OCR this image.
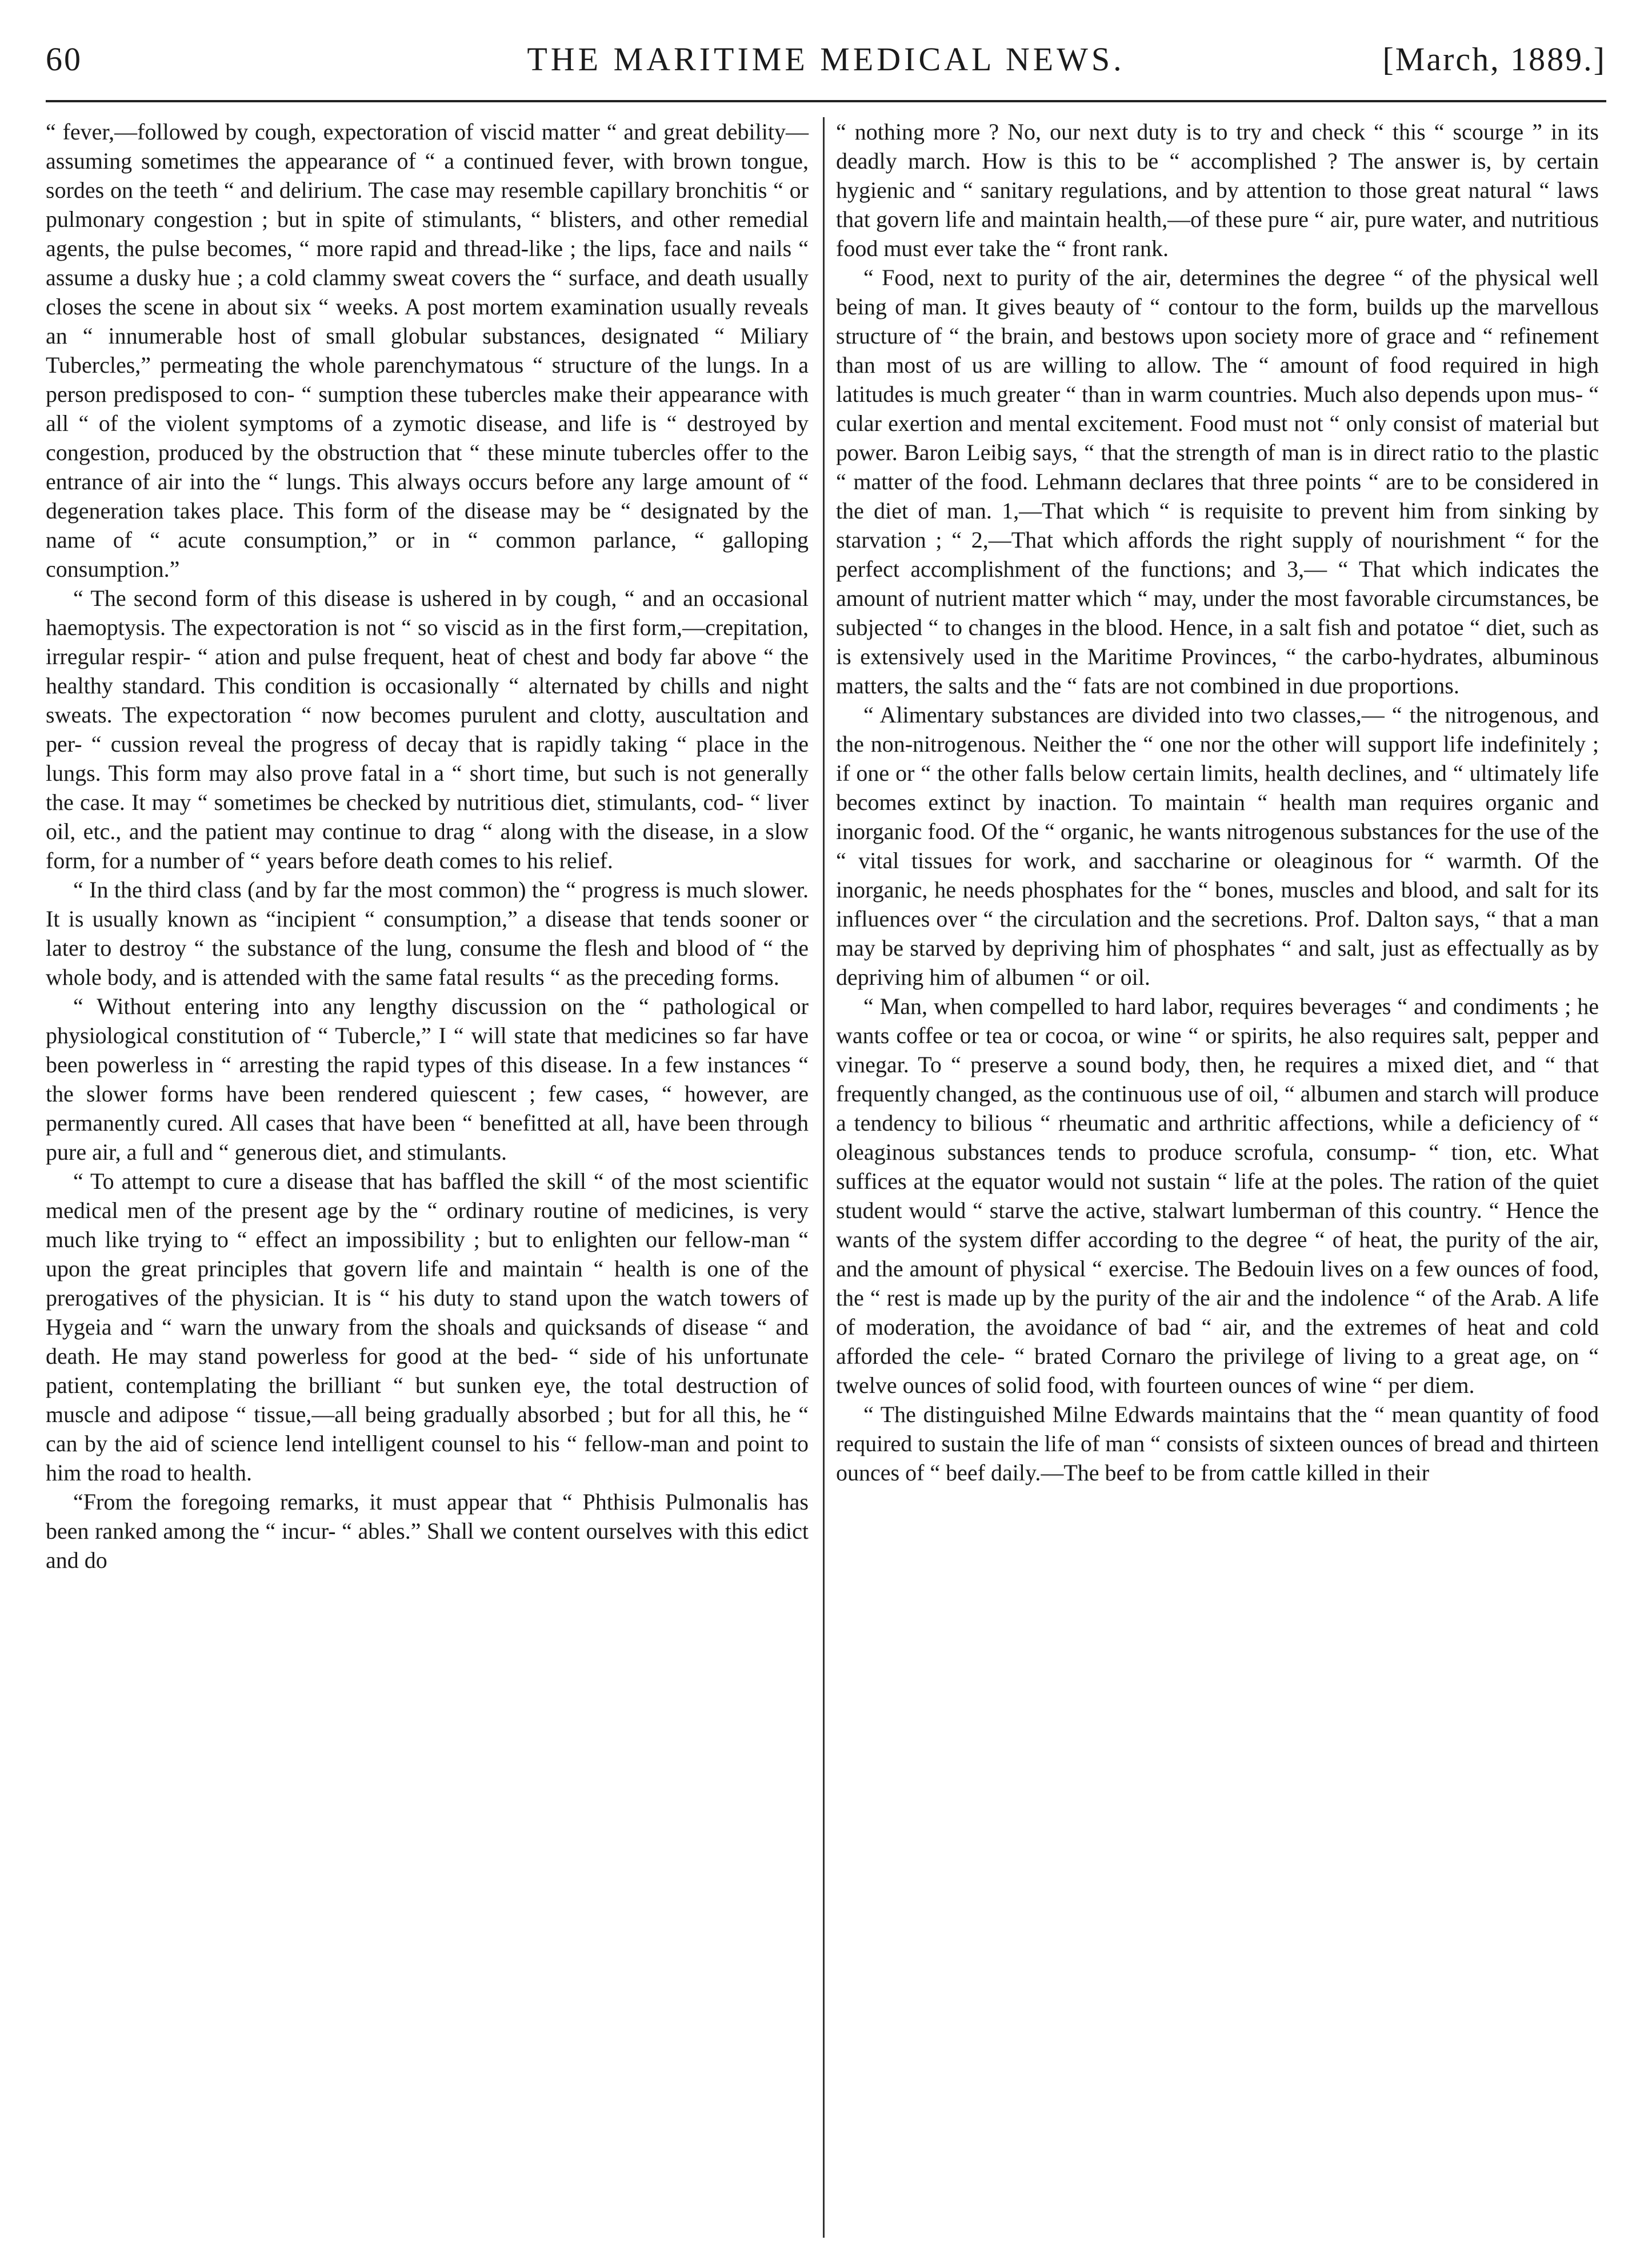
60	THE MARITIME MEDICAL NEWS.	[March, 1889.]

“ fever,—followed by cough, expectoration of viscid matter “ and great debility—assuming sometimes the appearance of “ a continued fever, with brown tongue, sordes on the teeth “ and delirium. The case may resemble capillary bronchitis “ or pulmonary congestion ; but in spite of stimulants, “ blisters, and other remedial agents, the pulse becomes, “ more rapid and thread-like ; the lips, face and nails “ assume a dusky hue ; a cold clammy sweat covers the “ surface, and death usually closes the scene in about six “ weeks. A post mortem examination usually reveals an “ innumerable host of small globular substances, designated “ Miliary Tubercles,” permeating the whole parenchymatous “ structure of the lungs. In a person predisposed to con- “ sumption these tubercles make their appearance with all “ of the violent symptoms of a zymotic disease, and life is “ destroyed by congestion, produced by the obstruction that “ these minute tubercles offer to the entrance of air into the “ lungs. This always occurs before any large amount of “ degeneration takes place. This form of the disease may be “ designated by the name of “ acute consumption,” or in “ common parlance, “ galloping consumption.”

“ The second form of this disease is ushered in by cough, “ and an occasional haemoptysis. The expectoration is not “ so viscid as in the first form,—crepitation, irregular respir- “ ation and pulse frequent, heat of chest and body far above “ the healthy standard. This condition is occasionally “ alternated by chills and night sweats. The expectoration “ now becomes purulent and clotty, auscultation and per- “ cussion reveal the progress of decay that is rapidly taking “ place in the lungs. This form may also prove fatal in a “ short time, but such is not generally the case. It may “ sometimes be checked by nutritious diet, stimulants, cod- “ liver oil, etc., and the patient may continue to drag “ along with the disease, in a slow form, for a number of “ years before death comes to his relief.

“ In the third class (and by far the most common) the “ progress is much slower. It is usually known as “incipient “ consumption,” a disease that tends sooner or later to destroy “ the substance of the lung, consume the flesh and blood of “ the whole body, and is attended with the same fatal results “ as the preceding forms.

“ Without entering into any lengthy discussion on the “ pathological or physiological constitution of “ Tubercle,” I “ will state that medicines so far have been powerless in “ arresting the rapid types of this disease. In a few instances “ the slower forms have been rendered quiescent ; few cases, “ however, are permanently cured. All cases that have been “ benefitted at all, have been through pure air, a full and “ generous diet, and stimulants.

“ To attempt to cure a disease that has baffled the skill “ of the most scientific medical men of the present age by the “ ordinary routine of medicines, is very much like trying to “ effect an impossibility ; but to enlighten our fellow-man “ upon the great principles that govern life and maintain “ health is one of the prerogatives of the physician. It is “ his duty to stand upon the watch towers of Hygeia and “ warn the unwary from the shoals and quicksands of disease “ and death. He may stand powerless for good at the bed- “ side of his unfortunate patient, contemplating the brilliant “ but sunken eye, the total destruction of muscle and adipose “ tissue,—all being gradually absorbed ; but for all this, he “ can by the aid of science lend intelligent counsel to his “ fellow-man and point to him the road to health.

“From the foregoing remarks, it must appear that “ Phthisis Pulmonalis has been ranked among the “ incur- “ ables.” Shall we content ourselves with this edict and do

“ nothing more ? No, our next duty is to try and check “ this “ scourge ” in its deadly march. How is this to be “ accomplished ? The answer is, by certain hygienic and “ sanitary regulations, and by attention to those great natural “ laws that govern life and maintain health,—of these pure “ air, pure water, and nutritious food must ever take the “ front rank.

“ Food, next to purity of the air, determines the degree “ of the physical well being of man. It gives beauty of “ contour to the form, builds up the marvellous structure of “ the brain, and bestows upon society more of grace and “ refinement than most of us are willing to allow. The “ amount of food required in high latitudes is much greater “ than in warm countries. Much also depends upon mus- “ cular exertion and mental excitement. Food must not “ only consist of material but power. Baron Leibig says, “ that the strength of man is in direct ratio to the plastic “ matter of the food. Lehmann declares that three points “ are to be considered in the diet of man. 1,—That which “ is requisite to prevent him from sinking by starvation ; “ 2,—That which affords the right supply of nourishment “ for the perfect accomplishment of the functions; and 3,— “ That which indicates the amount of nutrient matter which “ may, under the most favorable circumstances, be subjected “ to changes in the blood. Hence, in a salt fish and potatoe “ diet, such as is extensively used in the Maritime Provinces, “ the carbo-hydrates, albuminous matters, the salts and the “ fats are not combined in due proportions.

“ Alimentary substances are divided into two classes,— “ the nitrogenous, and the non-nitrogenous. Neither the “ one nor the other will support life indefinitely ; if one or “ the other falls below certain limits, health declines, and “ ultimately life becomes extinct by inaction. To maintain “ health man requires organic and inorganic food. Of the “ organic, he wants nitrogenous substances for the use of the “ vital tissues for work, and saccharine or oleaginous for “ warmth. Of the inorganic, he needs phosphates for the “ bones, muscles and blood, and salt for its influences over “ the circulation and the secretions. Prof. Dalton says, “ that a man may be starved by depriving him of phosphates “ and salt, just as effectually as by depriving him of albumen “ or oil.

“ Man, when compelled to hard labor, requires beverages “ and condiments ; he wants coffee or tea or cocoa, or wine “ or spirits, he also requires salt, pepper and vinegar. To “ preserve a sound body, then, he requires a mixed diet, and “ that frequently changed, as the continuous use of oil, “ albumen and starch will produce a tendency to bilious “ rheumatic and arthritic affections, while a deficiency of “ oleaginous substances tends to produce scrofula, consump- “ tion, etc. What suffices at the equator would not sustain “ life at the poles. The ration of the quiet student would “ starve the active, stalwart lumberman of this country. “ Hence the wants of the system differ according to the degree “ of heat, the purity of the air, and the amount of physical “ exercise. The Bedouin lives on a few ounces of food, the “ rest is made up by the purity of the air and the indolence “ of the Arab. A life of moderation, the avoidance of bad “ air, and the extremes of heat and cold afforded the cele- “ brated Cornaro the privilege of living to a great age, on “ twelve ounces of solid food, with fourteen ounces of wine “ per diem.

“ The distinguished Milne Edwards maintains that the “ mean quantity of food required to sustain the life of man “ consists of sixteen ounces of bread and thirteen ounces of “ beef daily.—The beef to be from cattle killed in their
